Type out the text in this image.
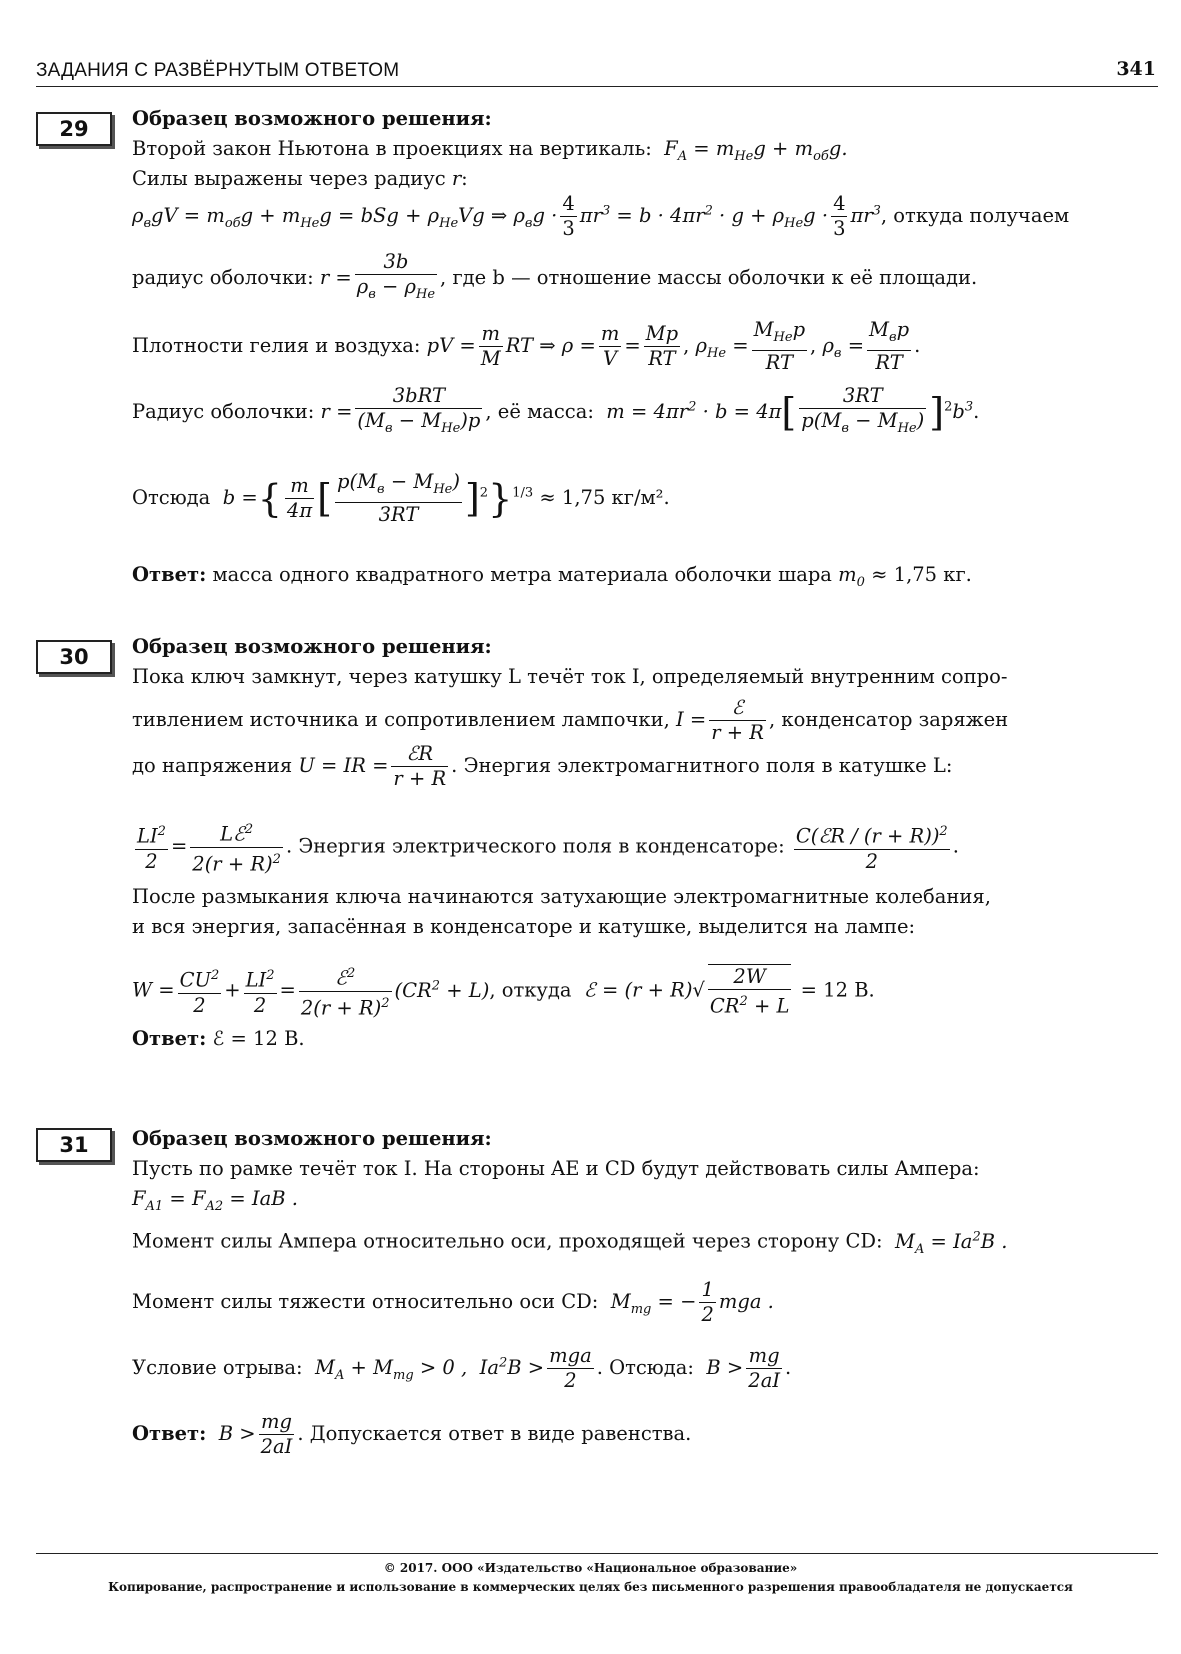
ЗАДАНИЯ С РАЗВЁРНУТЫМ ОТВЕТОМ	341
29	Образец возможного решения:
Второй закон Ньютона в проекциях на вертикаль:  $F_A = m_{He}g + m_{об}g$.
Силы выражены через радиус r:
$\rho_вgV = m_{об}g + m_{He}g$ = bSg + $\rho_{He}Vg$ ⇒ $\rho_вg \cdot \frac{4}{3} \pi r^3 = b \cdot 4\pi r^2 \cdot g + \rho_{He}g \cdot \frac{4}{3} \pi r^3$, откуда получаем
радиус оболочки: $r = \frac{3b}{\rho_в - \rho_{He}}$ , где b — отношение массы оболочки к её площади.
Плотности гелия и воздуха: pV = $\frac{m}{M}$ RT ⇒ $\rho = \frac{m}{V} = \frac{Mp}{RT}$ , $\rho_{He} = \frac{M_{He}p}{RT}$ , $\rho_в = \frac{M_вp}{RT}$ .
Радиус оболочки: $r = \frac{\text{3bRT}}{(M_в - M_{He})p}$ , её масса:  $m = 4\pi r^2 \cdot b = 4\pi[ \frac{3RT}{p(M_в - M_{He})} ]^2b^3$.
Отсюда  b ={ $\frac{m}{4\pi}$ [ $\frac{p(M_в - M_{He})}{3RT} ]^2\}^{1/3} \approx 1,75$ кг/м².
Ответ: масса одного квадратного метра материала оболочки шара $m_0 \approx 1,75$ кг.
30	Образец возможного решения:
Пока ключ замкнут, через катушку L течёт ток I, определяемый внутренним сопро-
тивлением источника и сопротивлением лампочки, $I = \frac{\text{ℰ}}{r + R}$ , конденсатор заряжен
до напряжения U = IR = $\frac{\text{ℰR}}{r + R}$ . Энергия электромагнитного поля в катушке L:
$\frac{LI^2}{2} = \frac{Lℰ^2}{2(r + R)^2}$ . Энергия электрического поля в конденсаторе: $\frac{C(ℰR / (r + R))^2}{2}$ .
После размыкания ключа начинаются затухающие электромагнитные колебания,
и вся энергия, запасённая в конденсаторе и катушке, выделится на лампе:
$W = \frac{CU^2}{2} + \frac{LI^2}{2} = \frac{ℰ^2}{2(r + R)^2} (CR^2 + L)$, откуда  ℰ = $(r + R)√ \frac{2W}{CR^2 + L} = 12$ В.
Ответ: ℰ = 12 В.
31	Образец возможного решения:
Пусть по рамке течёт ток I. На стороны AE и CD будут действовать силы Ампера:
$F_{A1} = F_{A2}$ = IaB .
Момент силы Ампера относительно оси, проходящей через сторону CD:  $M_A = Ia^2B$ .
Момент силы тяжести относительно оси CD:  $M_{mg}$ = − $\frac{1}{2}$ mga .
Условие отрыва:  $M_A + M_{mg} > 0$ ,  $Ia^2B > \frac{\text{mga}}{2}$ . Отсюда:  $B > \frac{mg}{2aI}$ .
Ответ:  $B > \frac{mg}{2aI}$ . Допускается ответ в виде равенства.
© 2017. ООО «Издательство «Национальное образование»
Копирование, распространение и использование в коммерческих целях без письменного разрешения правообладателя не допускается
